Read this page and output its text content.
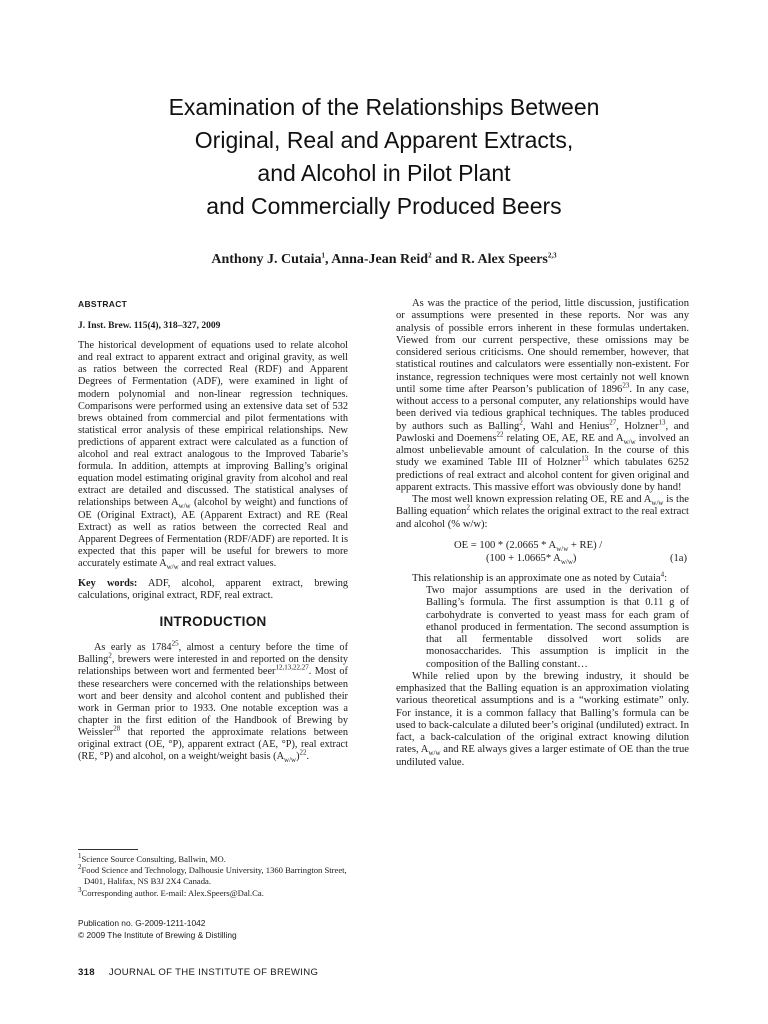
Examination of the Relationships Between
Original, Real and Apparent Extracts,
and Alcohol in Pilot Plant
and Commercially Produced Beers
Anthony J. Cutaia$^1$, Anna-Jean Reid$^2$ and R. Alex Speers$^{2,3}$
ABSTRACT
J. Inst. Brew. 115(4), 318–327, 2009

The historical development of equations used to relate alcohol and real extract to apparent extract and original gravity, as well as ratios between the corrected Real (RDF) and Apparent Degrees of Fermentation (ADF), were examined in light of modern polynomial and non-linear regression techniques. Comparisons were performed using an extensive data set of 532 brews obtained from commercial and pilot fermentations with statistical error analysis of these empirical relationships. New predictions of apparent extract were calculated as a function of alcohol and real extract analogous to the Improved Tabarie’s formula. In addition, attempts at improving Balling’s original equation model estimating original gravity from alcohol and real extract are detailed and discussed. The statistical analyses of relationships between $A_{w/w}$ (alcohol by weight) and functions of OE (Original Extract), AE (Apparent Extract) and RE (Real Extract) as well as ratios between the corrected Real and Apparent Degrees of Fermentation (RDF/ADF) are reported. It is expected that this paper will be useful for brewers to more accurately estimate $A_{w/w}$ and real extract values.

Key words: ADF, alcohol, apparent extract, brewing calculations, original extract, RDF, real extract.

INTRODUCTION

As early as 1784$^{25}$, almost a century before the time of Balling$^2$, brewers were interested in and reported on the density relationships between wort and fermented beer$^{12,13,22,27}$. Most of these researchers were concerned with the relationships between wort and beer density and alcohol content and published their work in German prior to 1933. One notable exception was a chapter in the first edition of the Handbook of Brewing by Weissler$^{28}$ that reported the approximate relations between original extract (OE, °P), apparent extract (AE, °P), real extract (RE, °P) and alcohol, on a weight/weight basis $(A_{w/w})^{22}$.

$^1$Science Source Consulting, Ballwin, MO.

$^2$Food Science and Technology, Dalhousie University, 1360 Barrington Street, D401, Halifax, NS B3J 2X4 Canada.

$^3$Corresponding author. E-mail: Alex.Speers@Dal.Ca.

Publication no. G-2009-1211-1042
© 2009 The Institute of Brewing & Distilling
318 JOURNAL OF THE INSTITUTE OF BREWING

As was the practice of the period, little discussion, justification or assumptions were presented in these reports. Nor was any analysis of possible errors inherent in these formulas undertaken. Viewed from our current perspective, these omissions may be considered serious criticisms. One should remember, however, that statistical routines and calculators were essentially non-existent. For instance, regression techniques were most certainly not well known until some time after Pearson’s publication of 1896$^{23}$. In any case, without access to a personal computer, any relationships would have been derived via tedious graphical techniques. The tables produced by authors such as Balling$^2$, Wahl and Henius$^{27}$, Holzner$^{13}$, and Pawloski and Doemens$^{22}$ relating OE, AE, RE and $A_{w/w}$ involved an almost unbelievable amount of calculation. In the course of this study we examined Table III of Holzner$^{13}$ which tabulates 6252 predictions of real extract and alcohol content for given original and apparent extracts. This massive effort was obviously done by hand!

The most well known expression relating OE, RE and $A_{w/w}$ is the Balling equation$^2$ which relates the original extract to the real extract and alcohol (% w/w):

OE = $100 * (2.0665 * A_{w/w} + RE)$ /
(100 + 1.0665* $A_{w/w}$)	(1a)

This relationship is an approximate one as noted by Cutaia$^4$:

Two major assumptions are used in the derivation of Balling’s formula. The first assumption is that 0.11 g of carbohydrate is converted to yeast mass for each gram of ethanol produced in fermentation. The second assumption is that all fermentable dissolved wort solids are monosaccharides. This assumption is implicit in the composition of the Balling constant…

While relied upon by the brewing industry, it should be emphasized that the Balling equation is an approximation violating various theoretical assumptions and is a “working estimate” only. For instance, it is a common fallacy that Balling’s formula can be used to back-calculate a diluted beer’s original (undiluted) extract. In fact, a back-calculation of the original extract knowing dilution rates, $A_{w/w}$ and RE always gives a larger estimate of OE than the true undiluted value.
